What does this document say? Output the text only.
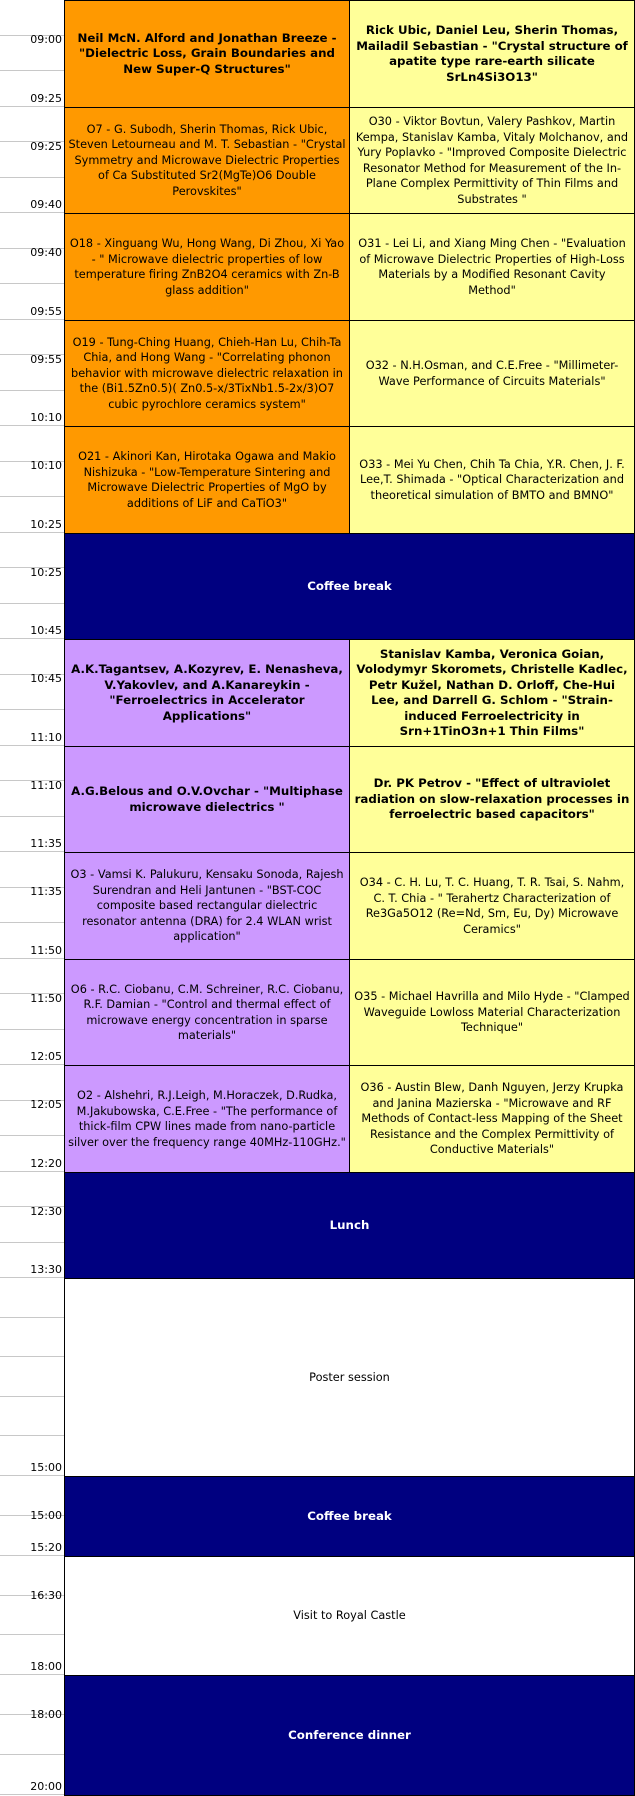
09:00
09:25
Neil McN. Alford and Jonathan Breeze - "Dielectric Loss, Grain Boundaries and New Super-Q Structures"
Rick Ubic, Daniel Leu, Sherin Thomas, Mailadil Sebastian - "Crystal structure of apatite type rare-earth silicate SrLn4Si3O13"
09:25
09:40
O7 - G. Subodh, Sherin Thomas, Rick Ubic, Steven Letourneau and M. T. Sebastian - "Crystal Symmetry and Microwave Dielectric Properties of Ca Substituted Sr2(MgTe)O6 Double Perovskites"
O30 - Viktor Bovtun, Valery Pashkov, Martin Kempa, Stanislav Kamba, Vitaly Molchanov, and Yury Poplavko - "Improved Composite Dielectric Resonator Method for Measurement of the In-Plane Complex Permittivity of Thin Films and Substrates "
09:40
09:55
O18 - Xinguang Wu, Hong Wang, Di Zhou, Xi Yao - " Microwave dielectric properties of low temperature firing ZnB2O4 ceramics with Zn-B glass addition"
O31 - Lei Li, and Xiang Ming Chen - "Evaluation of Microwave Dielectric Properties of High-Loss Materials by a Modified Resonant Cavity Method"
09:55
10:10
O19 - Tung-Ching Huang, Chieh-Han Lu, Chih-Ta Chia, and Hong Wang - "Correlating phonon behavior with microwave dielectric relaxation in the (Bi1.5Zn0.5)( Zn0.5-x/3TixNb1.5-2x/3)O7 cubic pyrochlore ceramics system"
O32 - N.H.Osman, and C.E.Free - "Millimeter-Wave Performance of Circuits Materials"
10:10
10:25
O21 - Akinori Kan, Hirotaka Ogawa and Makio Nishizuka - "Low-Temperature Sintering and Microwave Dielectric Properties of MgO by additions of LiF and CaTiO3"
O33 - Mei Yu Chen, Chih Ta Chia, Y.R. Chen, J. F. Lee,T. Shimada - "Optical Characterization and theoretical simulation of BMTO and BMNO"
10:25
10:45
Coffee break
10:45
11:10
A.K.Tagantsev, A.Kozyrev, E. Nenasheva, V.Yakovlev, and A.Kanareykin - "Ferroelectrics in Accelerator Applications"
Stanislav Kamba, Veronica Goian, Volodymyr Skoromets, Christelle Kadlec, Petr Kužel, Nathan D. Orloff, Che-Hui Lee, and Darrell G. Schlom - "Strain-induced Ferroelectricity in Srn+1TinO3n+1 Thin Films"
11:10
11:35
A.G.Belous and O.V.Ovchar - "Multiphase microwave dielectrics "
Dr. PK Petrov - "Effect of ultraviolet radiation on slow-relaxation processes in ferroelectric based capacitors"
11:35
11:50
O3 - Vamsi K. Palukuru, Kensaku Sonoda, Rajesh Surendran and Heli Jantunen - "BST-COC composite based rectangular dielectric resonator antenna (DRA) for 2.4 WLAN wrist application"
O34 - C. H. Lu, T. C. Huang, T. R. Tsai, S. Nahm, C. T. Chia - " Terahertz Characterization of Re3Ga5O12 (Re=Nd, Sm, Eu, Dy) Microwave Ceramics"
11:50
12:05
O6 - R.C. Ciobanu, C.M. Schreiner, R.C. Ciobanu, R.F. Damian - "Control and thermal effect of microwave energy concentration in sparse materials"
O35 - Michael Havrilla and Milo Hyde - "Clamped Waveguide Lowloss Material Characterization Technique"
12:05
12:20
O2 - Alshehri, R.J.Leigh, M.Horaczek, D.Rudka, M.Jakubowska, C.E.Free - "The performance of thick-film CPW lines made from nano-particle silver over the frequency range 40MHz-110GHz."
O36 - Austin Blew, Danh Nguyen, Jerzy Krupka and Janina Mazierska - "Microwave and RF Methods of Contact-less Mapping of the Sheet Resistance and the Complex Permittivity of Conductive Materials"
12:30
13:30
Lunch
15:00
Poster session
15:00
15:20
Coffee break
16:30
18:00
Visit to Royal Castle
18:00
20:00
Conference dinner
